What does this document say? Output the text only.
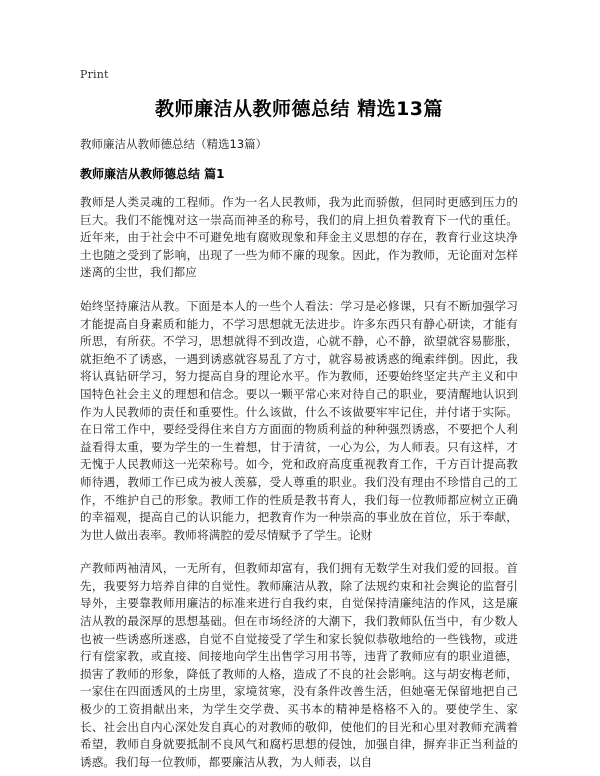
Print
教师廉洁从教师德总结 精选13篇

教师廉洁从教师德总结（精选13篇）

教师廉洁从教师德总结 篇1

教师是人类灵魂的工程师。作为一名人民教师，我为此而骄傲，但同时更感到压力的巨大。我们不能愧对这一崇高而神圣的称号，我们的肩上担负着教育下一代的重任。近年来，由于社会中不可避免地有腐败现象和拜金主义思想的存在，教育行业这块净土也随之受到了影响，出现了一些为师不廉的现象。因此，作为教师，无论面对怎样迷离的尘世，我们都应

始终坚持廉洁从教。下面是本人的一些个人看法：学习是必修课，只有不断加强学习才能提高自身素质和能力，不学习思想就无法进步。许多东西只有静心研读，才能有所思，有所获。不学习，思想就得不到改造，心就不静，心不静，欲望就容易膨胀，就拒绝不了诱惑，一遇到诱惑就容易乱了方寸，就容易被诱惑的绳索绊倒。因此，我将认真钻研学习，努力提高自身的理论水平。作为教师，还要始终坚定共产主义和中国特色社会主义的理想和信念。要以一颗平常心来对待自己的职业，要清醒地认识到作为人民教师的责任和重要性。什么该做，什么不该做要牢牢记住，并付诸于实际。在日常工作中，要经受得住来自方方面面的物质利益的种种强烈诱惑，不要把个人利益看得太重，要为学生的一生着想，甘于清贫，一心为公，为人师表。只有这样，才无愧于人民教师这一光荣称号。如今，党和政府高度重视教育工作，千方百计提高教师待遇，教师工作已成为被人羡慕，受人尊重的职业。我们没有理由不珍惜自己的工作，不维护自己的形象。教师工作的性质是教书育人，我们每一位教师都应树立正确的幸福观，提高自己的认识能力，把教育作为一种崇高的事业放在首位，乐于奉献，为世人做出表率。教师将满腔的爱尽情赋予了学生。论财

产教师两袖清风，一无所有，但教师却富有，我们拥有无数学生对我们爱的回报。首先，我要努力培养自律的自觉性。教师廉洁从教，除了法规约束和社会舆论的监督引导外，主要靠教师用廉洁的标准来进行自我约束，自觉保持清廉纯洁的作风，这是廉洁从教的最深厚的思想基础。但在市场经济的大潮下，我们教师队伍当中，有少数人也被一些诱惑所迷惑，自觉不自觉接受了学生和家长貌似恭敬地给的一些钱物，或进行有偿家教，或直接、间接地向学生出售学习用书等，违背了教师应有的职业道德，损害了教师的形象，降低了教师的人格，造成了不良的社会影响。这与胡安梅老师，一家住在四面透风的土房里，家境贫寒，没有条件改善生活，但她毫无保留地把自己极少的工资捐献出来，为学生交学费、买书本的精神是格格不入的。要使学生、家长、社会出自内心深处发自真心的对教师的敬仰，使他们的目光和心里对教师充满着希望，教师自身就要抵制不良风气和腐朽思想的侵蚀，加强自律，摒弃非正当利益的诱惑。我们每一位教师，都要廉洁从教，为人师表，以自
